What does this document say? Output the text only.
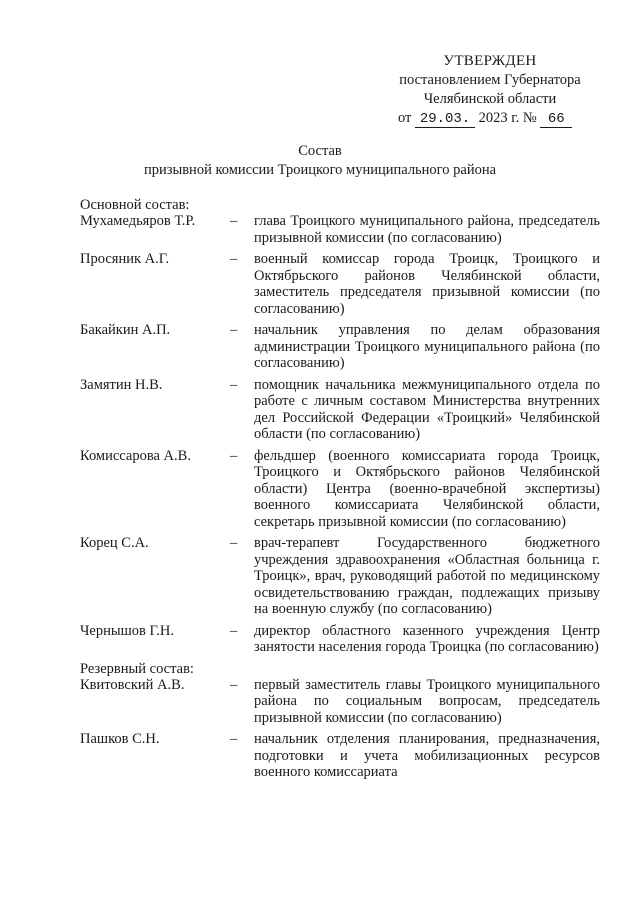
УТВЕРЖДЕН
постановлением Губернатора
Челябинской области
от 29.03. 2023 г. № 66
Состав
призывной комиссии Троицкого муниципального района
Основной состав:
Мухамедьяров Т.Р.	–	глава Троицкого муниципального района, председатель призывной комиссии (по согласованию)
Просяник А.Г.	–	военный комиссар города Троицк, Троицкого и Октябрьского районов Челябинской области, заместитель председателя призывной комиссии (по согласованию)
Бакайкин А.П.	–	начальник управления по делам образования администрации Троицкого муниципального района (по согласованию)
Замятин Н.В.	–	помощник начальника межмуниципального отдела по работе с личным составом Министерства внутренних дел Российской Федерации «Троицкий» Челябинской области (по согласованию)
Комиссарова А.В.	–	фельдшер (военного комиссариата города Троицк, Троицкого и Октябрьского районов Челябинской области) Центра (военно-врачебной экспертизы) военного комиссариата Челябинской области, секретарь призывной комиссии (по согласованию)
Корец С.А.	–	врач-терапевт Государственного бюджетного учреждения здравоохранения «Областная больница г. Троицк», врач, руководящий работой по медицинскому освидетельствованию граждан, подлежащих призыву на военную службу (по согласованию)
Чернышов Г.Н.	–	директор областного казенного учреждения Центр занятости населения города Троицка (по согласованию)
Резервный состав:
Квитовский А.В.	–	первый заместитель главы Троицкого муниципального района по социальным вопросам, председатель призывной комиссии (по согласованию)
Пашков С.Н.	–	начальник отделения планирования, предназначения, подготовки и учета мобилизационных ресурсов военного комиссариата
